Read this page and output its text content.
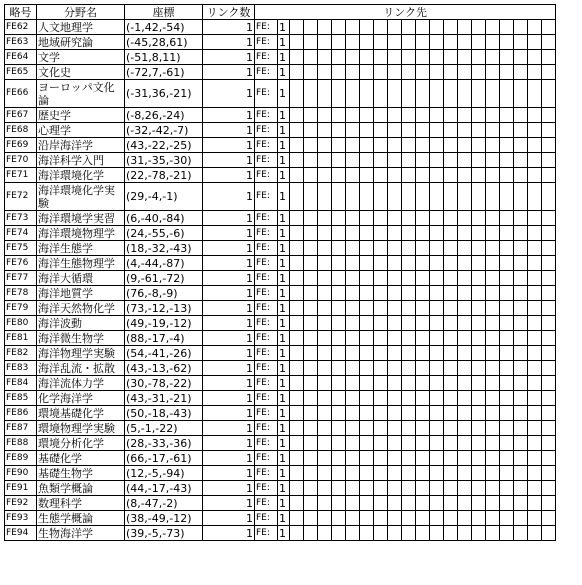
略号	分野名	座標	リンク数	リンク先																				
FE62	人文地理学	(-1,42,-54)	1	FE:	1																			
FE63	地域研究論	(-45,28,61)	1	FE:	1																			
FE64	文学	(-51,8,11)	1	FE:	1																			
FE65	文化史	(-72,7,-61)	1	FE:	1																			
FE66	ヨーロッパ文化論	(-31,36,-21)	1	FE:	1																			
FE67	歴史学	(-8,26,-24)	1	FE:	1																			
FE68	心理学	(-32,-42,-7)	1	FE:	1																			
FE69	沿岸海洋学	(43,-22,-25)	1	FE:	1																			
FE70	海洋科学入門	(31,-35,-30)	1	FE:	1																			
FE71	海洋環境化学	(22,-78,-21)	1	FE:	1																			
FE72	海洋環境化学実験	(29,-4,-1)	1	FE:	1																			
FE73	海洋環境学実習	(6,-40,-84)	1	FE:	1																			
FE74	海洋環境物理学	(24,-55,-6)	1	FE:	1																			
FE75	海洋生態学	(18,-32,-43)	1	FE:	1																			
FE76	海洋生態物理学	(4,-44,-87)	1	FE:	1																			
FE77	海洋大循環	(9,-61,-72)	1	FE:	1																			
FE78	海洋地質学	(76,-8,-9)	1	FE:	1																			
FE79	海洋天然物化学	(73,-12,-13)	1	FE:	1																			
FE80	海洋波動	(49,-19,-12)	1	FE:	1																			
FE81	海洋微生物学	(88,-17,-4)	1	FE:	1																			
FE82	海洋物理学実験	(54,-41,-26)	1	FE:	1																			
FE83	海洋乱流・拡散	(43,-13,-62)	1	FE:	1																			
FE84	海洋流体力学	(30,-78,-22)	1	FE:	1																			
FE85	化学海洋学	(43,-31,-21)	1	FE:	1																			
FE86	環境基礎化学	(50,-18,-43)	1	FE:	1																			
FE87	環境物理学実験	(5,-1,-22)	1	FE:	1																			
FE88	環境分析化学	(28,-33,-36)	1	FE:	1																			
FE89	基礎化学	(66,-17,-61)	1	FE:	1																			
FE90	基礎生物学	(12,-5,-94)	1	FE:	1																			
FE91	魚類学概論	(44,-17,-43)	1	FE:	1																			
FE92	数理科学	(8,-47,-2)	1	FE:	1																			
FE93	生態学概論	(38,-49,-12)	1	FE:	1																			
FE94	生物海洋学	(39,-5,-73)	1	FE:	1																			
